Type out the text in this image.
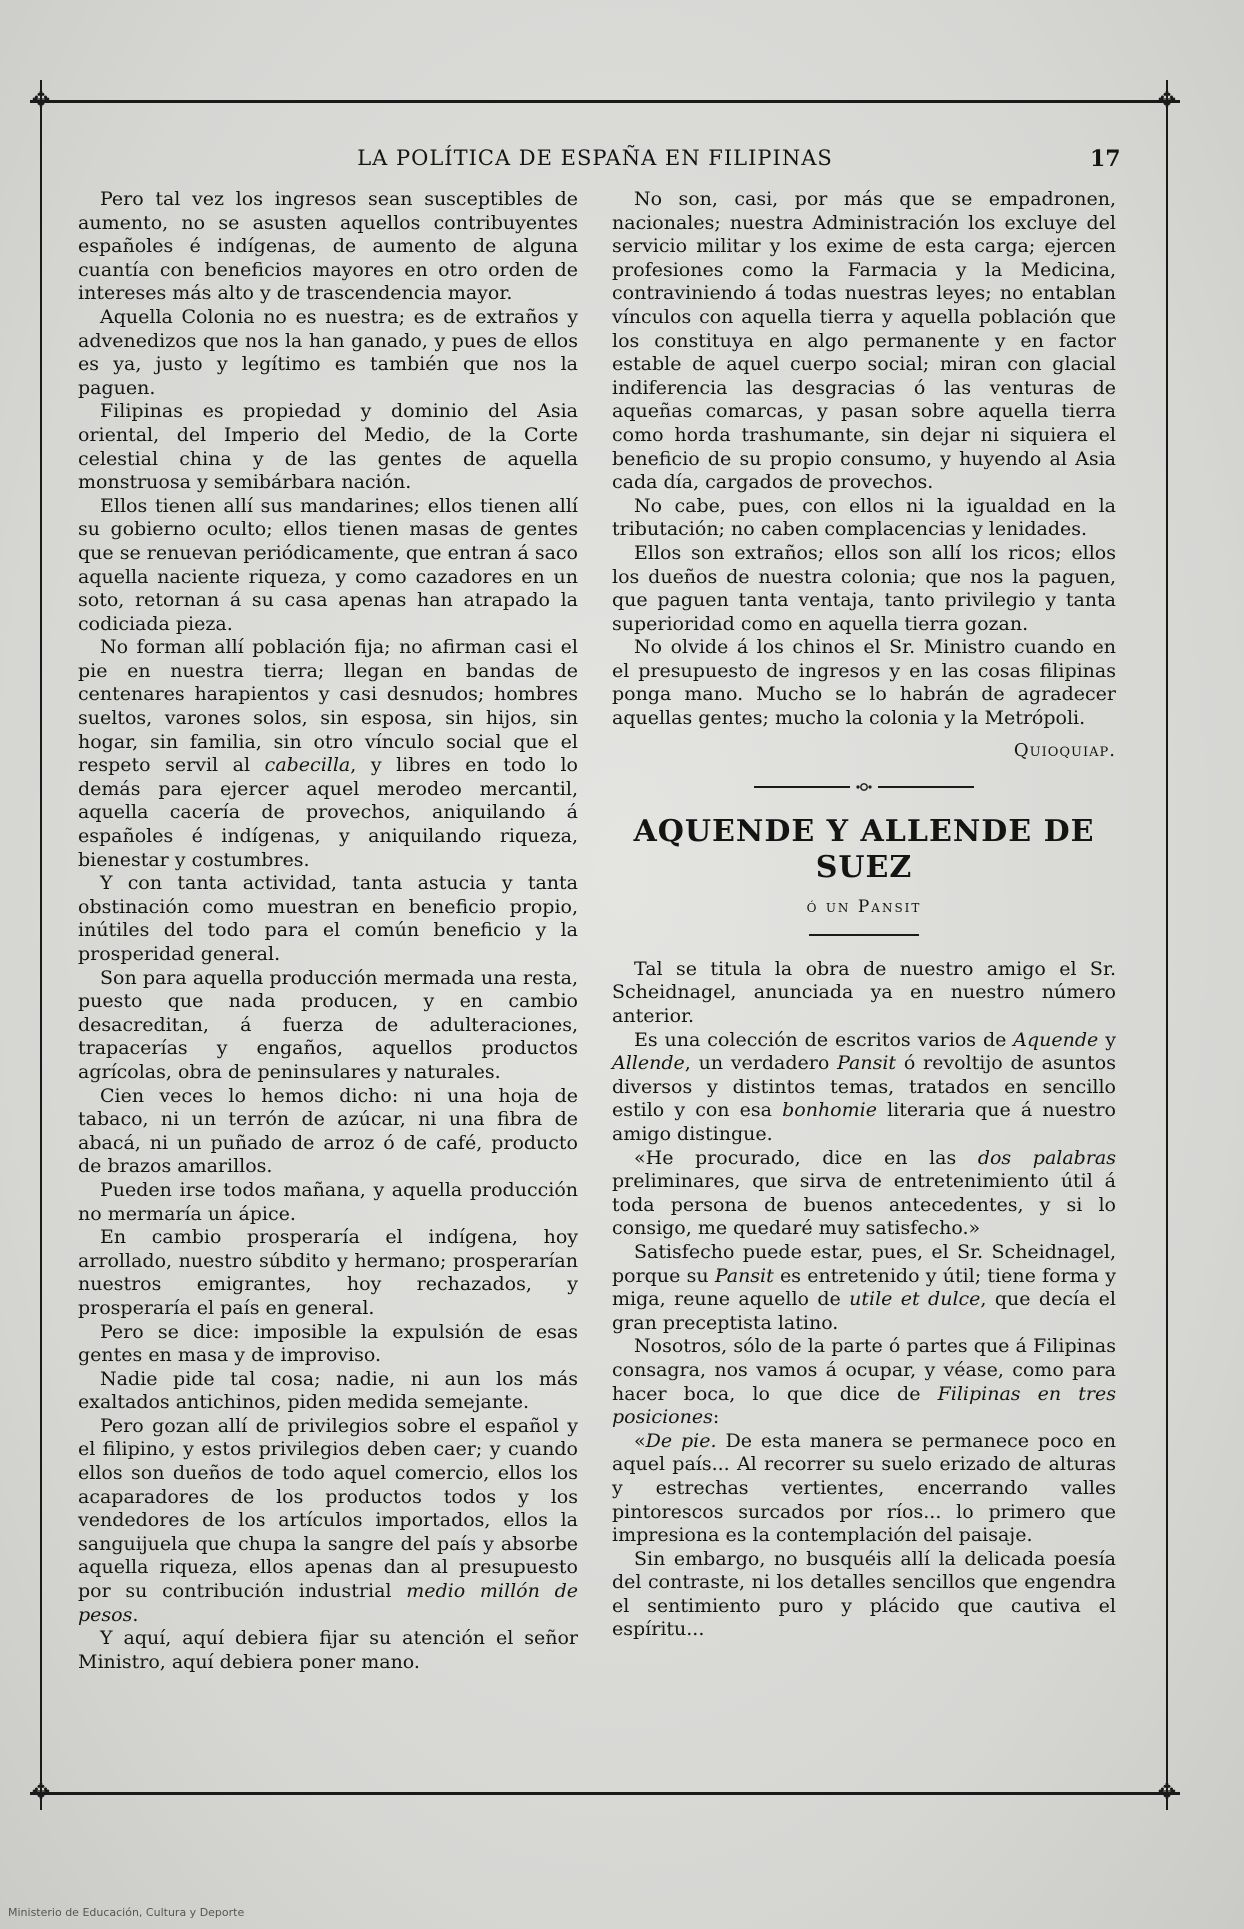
✥	✥
✥	✥
LA POLÍTICA DE ESPAÑA EN FILIPINAS	17

Pero tal vez los ingresos sean susceptibles de aumento, no se asusten aquellos contribuyentes españoles é indígenas, de aumento de alguna cuantía con beneficios mayores en otro orden de intereses más alto y de trascendencia mayor.

Aquella Colonia no es nuestra; es de extraños y advenedizos que nos la han ganado, y pues de ellos es ya, justo y legítimo es también que nos la paguen.

Filipinas es propiedad y dominio del Asia oriental, del Imperio del Medio, de la Corte celestial china y de las gentes de aquella monstruosa y semibárbara nación.

Ellos tienen allí sus mandarines; ellos tienen allí su gobierno oculto; ellos tienen masas de gentes que se renuevan periódicamente, que entran á saco aquella naciente riqueza, y como cazadores en un soto, retornan á su casa apenas han atrapado la codiciada pieza.

No forman allí población fija; no afirman casi el pie en nuestra tierra; llegan en bandas de centenares harapientos y casi desnudos; hombres sueltos, varones solos, sin esposa, sin hijos, sin hogar, sin familia, sin otro vínculo social que el respeto servil al cabecilla, y libres en todo lo demás para ejercer aquel merodeo mercantil, aquella cacería de provechos, aniquilando á españoles é indígenas, y aniquilando riqueza, bienestar y costumbres.

Y con tanta actividad, tanta astucia y tanta obstinación como muestran en beneficio propio, inútiles del todo para el común beneficio y la prosperidad general.

Son para aquella producción mermada una resta, puesto que nada producen, y en cambio desacreditan, á fuerza de adulteraciones, trapacerías y engaños, aquellos productos agrícolas, obra de peninsulares y naturales.

Cien veces lo hemos dicho: ni una hoja de tabaco, ni un terrón de azúcar, ni una fibra de abacá, ni un puñado de arroz ó de café, producto de brazos amarillos.

Pueden irse todos mañana, y aquella producción no mermaría un ápice.

En cambio prosperaría el indígena, hoy arrollado, nuestro súbdito y hermano; prosperarían nuestros emigrantes, hoy rechazados, y prosperaría el país en general.

Pero se dice: imposible la expulsión de esas gentes en masa y de improviso.

Nadie pide tal cosa; nadie, ni aun los más exaltados antichinos, piden medida semejante.

Pero gozan allí de privilegios sobre el español y el filipino, y estos privilegios deben caer; y cuando ellos son dueños de todo aquel comercio, ellos los acaparadores de los productos todos y los vendedores de los artículos importados, ellos la sanguijuela que chupa la sangre del país y absorbe aquella riqueza, ellos apenas dan al presupuesto por su contribución industrial medio millón de pesos.

Y aquí, aquí debiera fijar su atención el señor Ministro, aquí debiera poner mano.

No son, casi, por más que se empadronen, nacionales; nuestra Administración los excluye del servicio militar y los exime de esta carga; ejercen profesiones como la Farmacia y la Medicina, contraviniendo á todas nuestras leyes; no entablan vínculos con aquella tierra y aquella población que los constituya en algo permanente y en factor estable de aquel cuerpo social; miran con glacial indiferencia las desgracias ó las venturas de aqueñas comarcas, y pasan sobre aquella tierra como horda trashumante, sin dejar ni siquiera el beneficio de su propio consumo, y huyendo al Asia cada día, cargados de provechos.

No cabe, pues, con ellos ni la igualdad en la tributación; no caben complacencias y lenidades.

Ellos son extraños; ellos son allí los ricos; ellos los dueños de nuestra colonia; que nos la paguen, que paguen tanta ventaja, tanto privilegio y tanta superioridad como en aquella tierra gozan.

No olvide á los chinos el Sr. Ministro cuando en el presupuesto de ingresos y en las cosas filipinas ponga mano. Mucho se lo habrán de agradecer aquellas gentes; mucho la colonia y la Metrópoli.

Quioquiap.
AQUENDE Y ALLENDE DE SUEZ
ó un Pansit

Tal se titula la obra de nuestro amigo el Sr. Scheidnagel, anunciada ya en nuestro número anterior.

Es una colección de escritos varios de Aquende y Allende, un verdadero Pansit ó revoltijo de asuntos diversos y distintos temas, tratados en sencillo estilo y con esa bonhomie literaria que á nuestro amigo distingue.

«He procurado, dice en las dos palabras preliminares, que sirva de entretenimiento útil á toda persona de buenos antecedentes, y si lo consigo, me quedaré muy satisfecho.»

Satisfecho puede estar, pues, el Sr. Scheidnagel, porque su Pansit es entretenido y útil; tiene forma y miga, reune aquello de utile et dulce, que decía el gran preceptista latino.

Nosotros, sólo de la parte ó partes que á Filipinas consagra, nos vamos á ocupar, y véase, como para hacer boca, lo que dice de Filipinas en tres posiciones:

«De pie. De esta manera se permanece poco en aquel país... Al recorrer su suelo erizado de alturas y estrechas vertientes, encerrando valles pintorescos surcados por ríos... lo primero que impresiona es la contemplación del paisaje.

Sin embargo, no busquéis allí la delicada poesía del contraste, ni los detalles sencillos que engendra el sentimiento puro y plácido que cautiva el espíritu...

Ministerio de Educación, Cultura y Deporte
